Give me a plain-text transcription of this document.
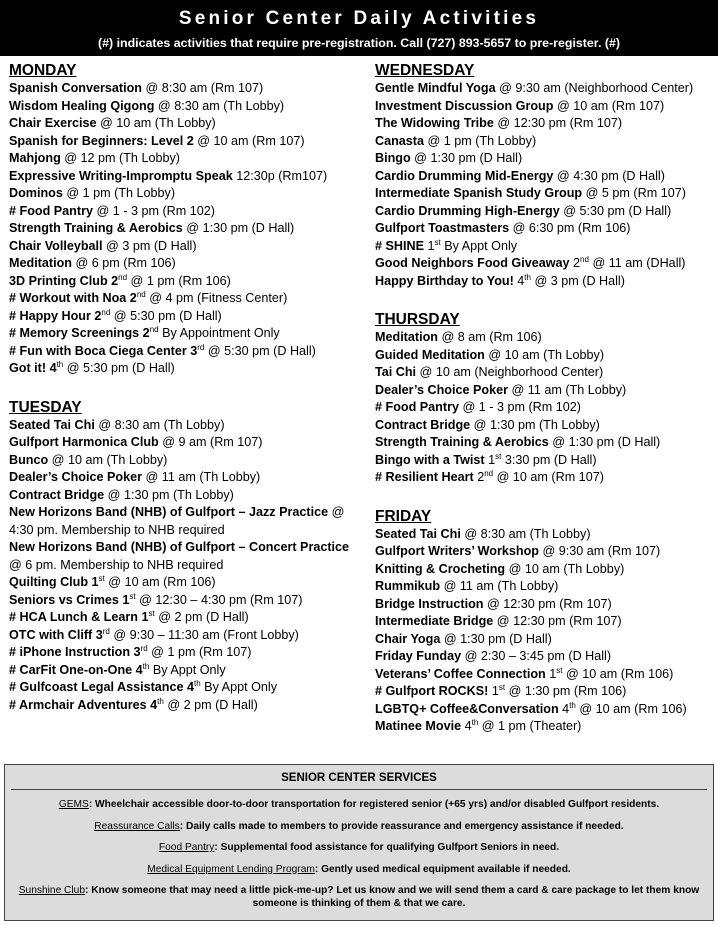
Senior Center Daily Activities
(#) indicates activities that require pre-registration. Call (727) 893-5657 to pre-register. (#)
MONDAY
Spanish Conversation @ 8:30 am (Rm 107)
Wisdom Healing Qigong @ 8:30 am (Th Lobby)
Chair Exercise @ 10 am (Th Lobby)
Spanish for Beginners: Level 2 @ 10 am (Rm 107)
Mahjong @ 12 pm (Th Lobby)
Expressive Writing-Impromptu Speak 12:30p (Rm107)
Dominos @ 1 pm (Th Lobby)
# Food Pantry @ 1 - 3 pm (Rm 102)
Strength Training & Aerobics @ 1:30 pm (D Hall)
Chair Volleyball @ 3 pm (D Hall)
Meditation @ 6 pm (Rm 106)
3D Printing Club 2nd @ 1 pm (Rm 106)
# Workout with Noa 2nd @ 4 pm (Fitness Center)
# Happy Hour 2nd @ 5:30 pm (D Hall)
# Memory Screenings 2nd By Appointment Only
# Fun with Boca Ciega Center 3rd @ 5:30 pm (D Hall)
Got it! 4th @ 5:30 pm (D Hall)
TUESDAY
Seated Tai Chi @ 8:30 am (Th Lobby)
Gulfport Harmonica Club @ 9 am (Rm 107)
Bunco @ 10 am (Th Lobby)
Dealer’s Choice Poker @ 11 am (Th Lobby)
Contract Bridge @ 1:30 pm (Th Lobby)
New Horizons Band (NHB) of Gulfport – Jazz Practice @ 4:30 pm. Membership to NHB required
New Horizons Band (NHB) of Gulfport – Concert Practice @ 6 pm. Membership to NHB required
Quilting Club 1st @ 10 am (Rm 106)
Seniors vs Crimes 1st @ 12:30 – 4:30 pm (Rm 107)
# HCA Lunch & Learn 1st @ 2 pm (D Hall)
OTC with Cliff 3rd @ 9:30 – 11:30 am (Front Lobby)
# iPhone Instruction 3rd @ 1 pm (Rm 107)
# CarFit One-on-One 4th By Appt Only
# Gulfcoast Legal Assistance 4th By Appt Only
# Armchair Adventures 4th @ 2 pm (D Hall)
WEDNESDAY
Gentle Mindful Yoga @ 9:30 am (Neighborhood Center)
Investment Discussion Group @ 10 am (Rm 107)
The Widowing Tribe @ 12:30 pm (Rm 107)
Canasta @ 1 pm (Th Lobby)
Bingo @ 1:30 pm (D Hall)
Cardio Drumming Mid-Energy @ 4:30 pm (D Hall)
Intermediate Spanish Study Group @ 5 pm (Rm 107)
Cardio Drumming High-Energy @ 5:30 pm (D Hall)
Gulfport Toastmasters @ 6:30 pm (Rm 106)
# SHINE 1st By Appt Only
Good Neighbors Food Giveaway 2nd @ 11 am (DHall)
Happy Birthday to You! 4th @ 3 pm (D Hall)
THURSDAY
Meditation @ 8 am (Rm 106)
Guided Meditation @ 10 am (Th Lobby)
Tai Chi @ 10 am (Neighborhood Center)
Dealer’s Choice Poker @ 11 am (Th Lobby)
# Food Pantry @ 1 - 3 pm (Rm 102)
Contract Bridge @ 1:30 pm (Th Lobby)
Strength Training & Aerobics @ 1:30 pm (D Hall)
Bingo with a Twist 1st 3:30 pm (D Hall)
# Resilient Heart 2nd @ 10 am (Rm 107)
FRIDAY
Seated Tai Chi @ 8:30 am (Th Lobby)
Gulfport Writers’ Workshop @ 9:30 am (Rm 107)
Knitting & Crocheting @ 10 am (Th Lobby)
Rummikub @ 11 am (Th Lobby)
Bridge Instruction @ 12:30 pm (Rm 107)
Intermediate Bridge @ 12:30 pm (Rm 107)
Chair Yoga @ 1:30 pm (D Hall)
Friday Funday @ 2:30 – 3:45 pm (D Hall)
Veterans’ Coffee Connection 1st @ 10 am (Rm 106)
# Gulfport ROCKS! 1st @ 1:30 pm (Rm 106)
LGBTQ+ Coffee&Conversation 4th @ 10 am (Rm 106)
Matinee Movie 4th @ 1 pm (Theater)
SENIOR CENTER SERVICES
GEMS: Wheelchair accessible door-to-door transportation for registered senior (+65 yrs) and/or disabled Gulfport residents.
Reassurance Calls: Daily calls made to members to provide reassurance and emergency assistance if needed.
Food Pantry: Supplemental food assistance for qualifying Gulfport Seniors in need.
Medical Equipment Lending Program: Gently used medical equipment available if needed.
Sunshine Club: Know someone that may need a little pick-me-up? Let us know and we will send them a card & care package to let them know someone is thinking of them & that we care.
